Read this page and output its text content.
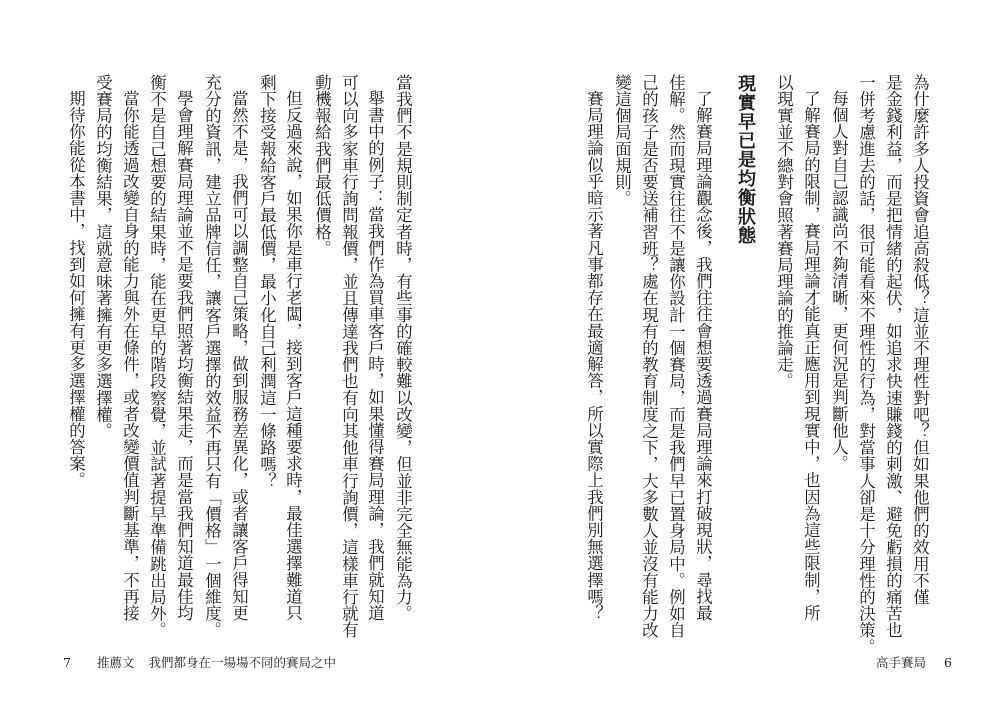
當我們不是規則制定者時，有些事的確較難以改變，但並非完全無能為力。
舉書中的例子：當我們作為買車客戶時，如果懂得賽局理論，我們就知道
可以向多家車行詢問報價，並且傳達我們也有向其他車行詢價，這樣車行就有
動機報給我們最低價格。
但反過來說，如果你是車行老闆，接到客戶這種要求時，最佳選擇難道只
剩下接受報給客戶最低價，最小化自己利潤這一條路嗎？
當然不是，我們可以調整自己策略，做到服務差異化，或者讓客戶得知更
充分的資訊，建立品牌信任，讓客戶選擇的效益不再只有「價格」一個維度。
學會理解賽局理論並不是要我們照著均衡結果走，而是當我們知道最佳均
衡不是自己想要的結果時，能在更早的階段察覺，並試著提早準備跳出局外。
當你能透過改變自身的能力與外在條件，或者改變價值判斷基準，不再接
受賽局的均衡結果，這就意味著擁有更多選擇權。
期待你能從本書中，找到如何擁有更多選擇權的答案。
7 推薦文 我們都身在一場場不同的賽局之中
為什麼許多人投資會追高殺低？這並不理性對吧？但如果他們的效用不僅
是金錢利益，而是把情緒的起伏，如追求快速賺錢的刺激、避免虧損的痛苦也
一併考慮進去的話，很可能看來不理性的行為，對當事人卻是十分理性的決策。
每個人對自己認識尚不夠清晰，更何況是判斷他人。
了解賽局的限制，賽局理論才能真正應用到現實中，也因為這些限制，所
以現實並不總對會照著賽局理論的推論走。
現實早已是均衡狀態
了解賽局理論觀念後，我們往往會想要透過賽局理論來打破現狀，尋找最
佳解。然而現實往往不是讓你設計一個賽局，而是我們早已置身局中。例如自
己的孩子是否要送補習班？處在現有的教育制度之下，大多數人並沒有能力改
變這個局面規則。
賽局理論似乎暗示著凡事都存在最適解答，所以實際上我們別無選擇嗎？
高手賽局 6
